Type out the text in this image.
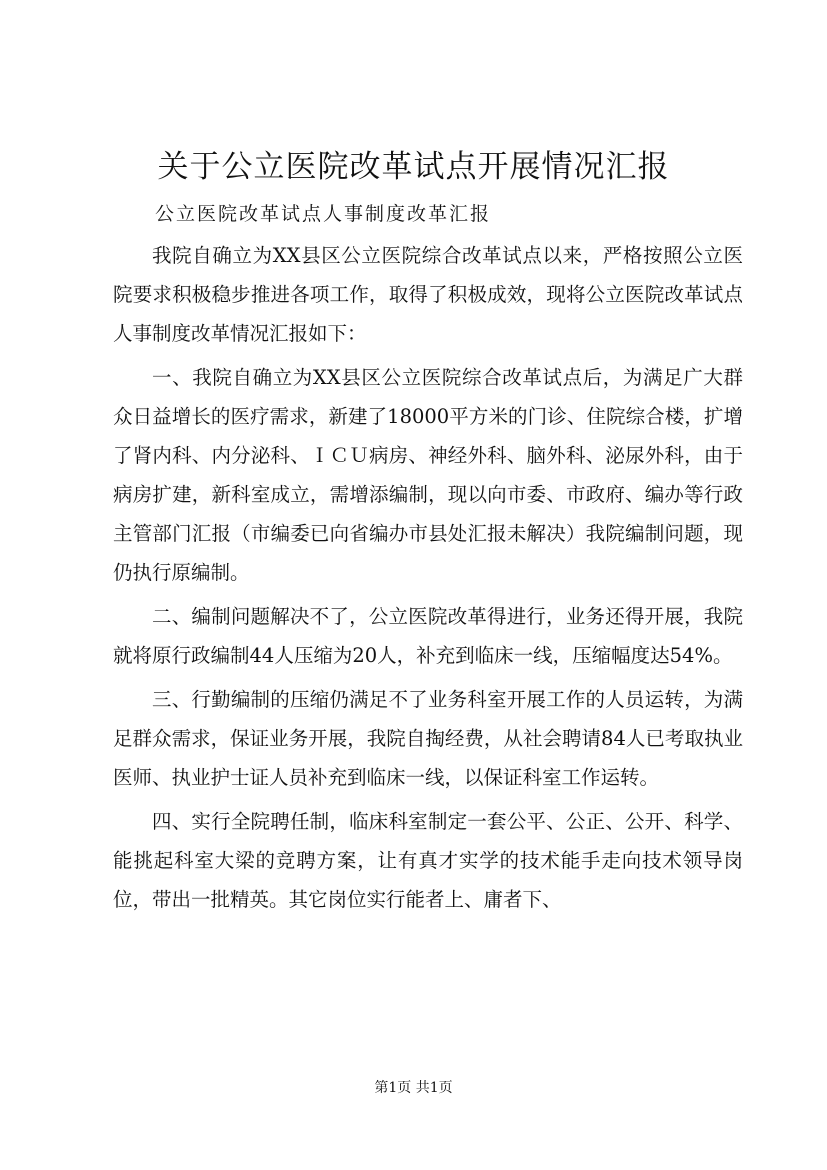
关于公立医院改革试点开展情况汇报

公立医院改革试点人事制度改革汇报

我院自确立为XX县区公立医院综合改革试点以来，严格按照公立医院要求积极稳步推进各项工作，取得了积极成效，现将公立医院改革试点人事制度改革情况汇报如下：

一、我院自确立为XX县区公立医院综合改革试点后，为满足广大群众日益增长的医疗需求，新建了18000平方米的门诊、住院综合楼，扩增了肾内科、内分泌科、ＩＣＵ病房、神经外科、脑外科、泌尿外科，由于病房扩建，新科室成立，需增添编制，现以向市委、市政府、编办等行政主管部门汇报（市编委已向省编办市县处汇报未解决）我院编制问题，现仍执行原编制。

二、编制问题解决不了，公立医院改革得进行，业务还得开展，我院就将原行政编制44人压缩为20人，补充到临床一线，压缩幅度达54%。

三、行勤编制的压缩仍满足不了业务科室开展工作的人员运转，为满足群众需求，保证业务开展，我院自掏经费，从社会聘请84人已考取执业医师、执业护士证人员补充到临床一线，以保证科室工作运转。

四、实行全院聘任制，临床科室制定一套公平、公正、公开、科学、能挑起科室大梁的竞聘方案，让有真才实学的技术能手走向技术领导岗位，带出一批精英。其它岗位实行能者上、庸者下、

第1页 共1页
